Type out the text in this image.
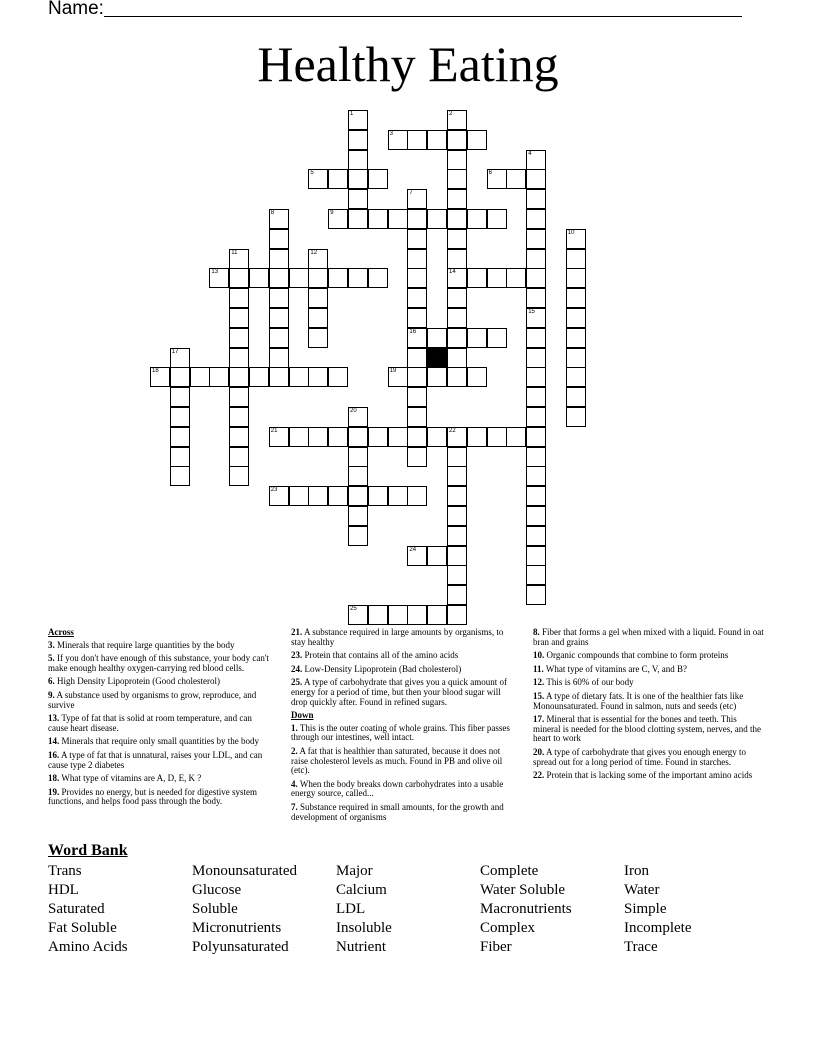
Name:
Healthy Eating
1	2
14
3
4
5	6
7
16
8	9
10
11	12
13
15
17
18	19
20
21	22
23
24
25
Across
3. Minerals that require large quantities by the body
5. If you don't have enough of this substance, your body can't make enough healthy oxygen-carrying red blood cells.
6. High Density Lipoprotein (Good cholesterol)
9. A substance used by organisms to grow, reproduce, and survive
13. Type of fat that is solid at room temperature, and can cause heart disease.
14. Minerals that require only small quantities by the body
16. A type of fat that is unnatural, raises your LDL, and can cause type 2 diabetes
18. What type of vitamins are A, D, E, K ?
19. Provides no energy, but is needed for digestive system functions, and helps food pass through the body.
21. A substance required in large amounts by organisms, to stay healthy
23. Protein that contains all of the amino acids
24. Low-Density Lipoprotein (Bad cholesterol)
25. A type of carbohydrate that gives you a quick amount of energy for a period of time, but then your blood sugar will drop quickly after. Found in refined sugars.
Down
1. This is the outer coating of whole grains. This fiber passes through our intestines, well intact.
2. A fat that is healthier than saturated, because it does not raise cholesterol levels as much. Found in PB and olive oil (etc).
4. When the body breaks down carbohydrates into a usable energy source, called...
7. Substance required in small amounts, for the growth and development of organisms
8. Fiber that forms a gel when mixed with a liquid. Found in oat bran and grains
10. Organic compounds that combine to form proteins
11. What type of vitamins are C, V, and B?
12. This is 60% of our body
15. A type of dietary fats. It is one of the healthier fats like Monounsaturated. Found in salmon, nuts and seeds (etc)
17. Mineral that is essential for the bones and teeth. This mineral is needed for the blood clotting system, nerves, and the heart to work
20. A type of carbohydrate that gives you enough energy to spread out for a long period of time. Found in starches.
22. Protein that is lacking some of the important amino acids
Word Bank
Trans	Monounsaturated	Major	Complete	Iron
HDL	Glucose	Calcium	Water Soluble	Water
Saturated	Soluble	LDL	Macronutrients	Simple
Fat Soluble	Micronutrients	Insoluble	Complex	Incomplete
Amino Acids	Polyunsaturated	Nutrient	Fiber	Trace
